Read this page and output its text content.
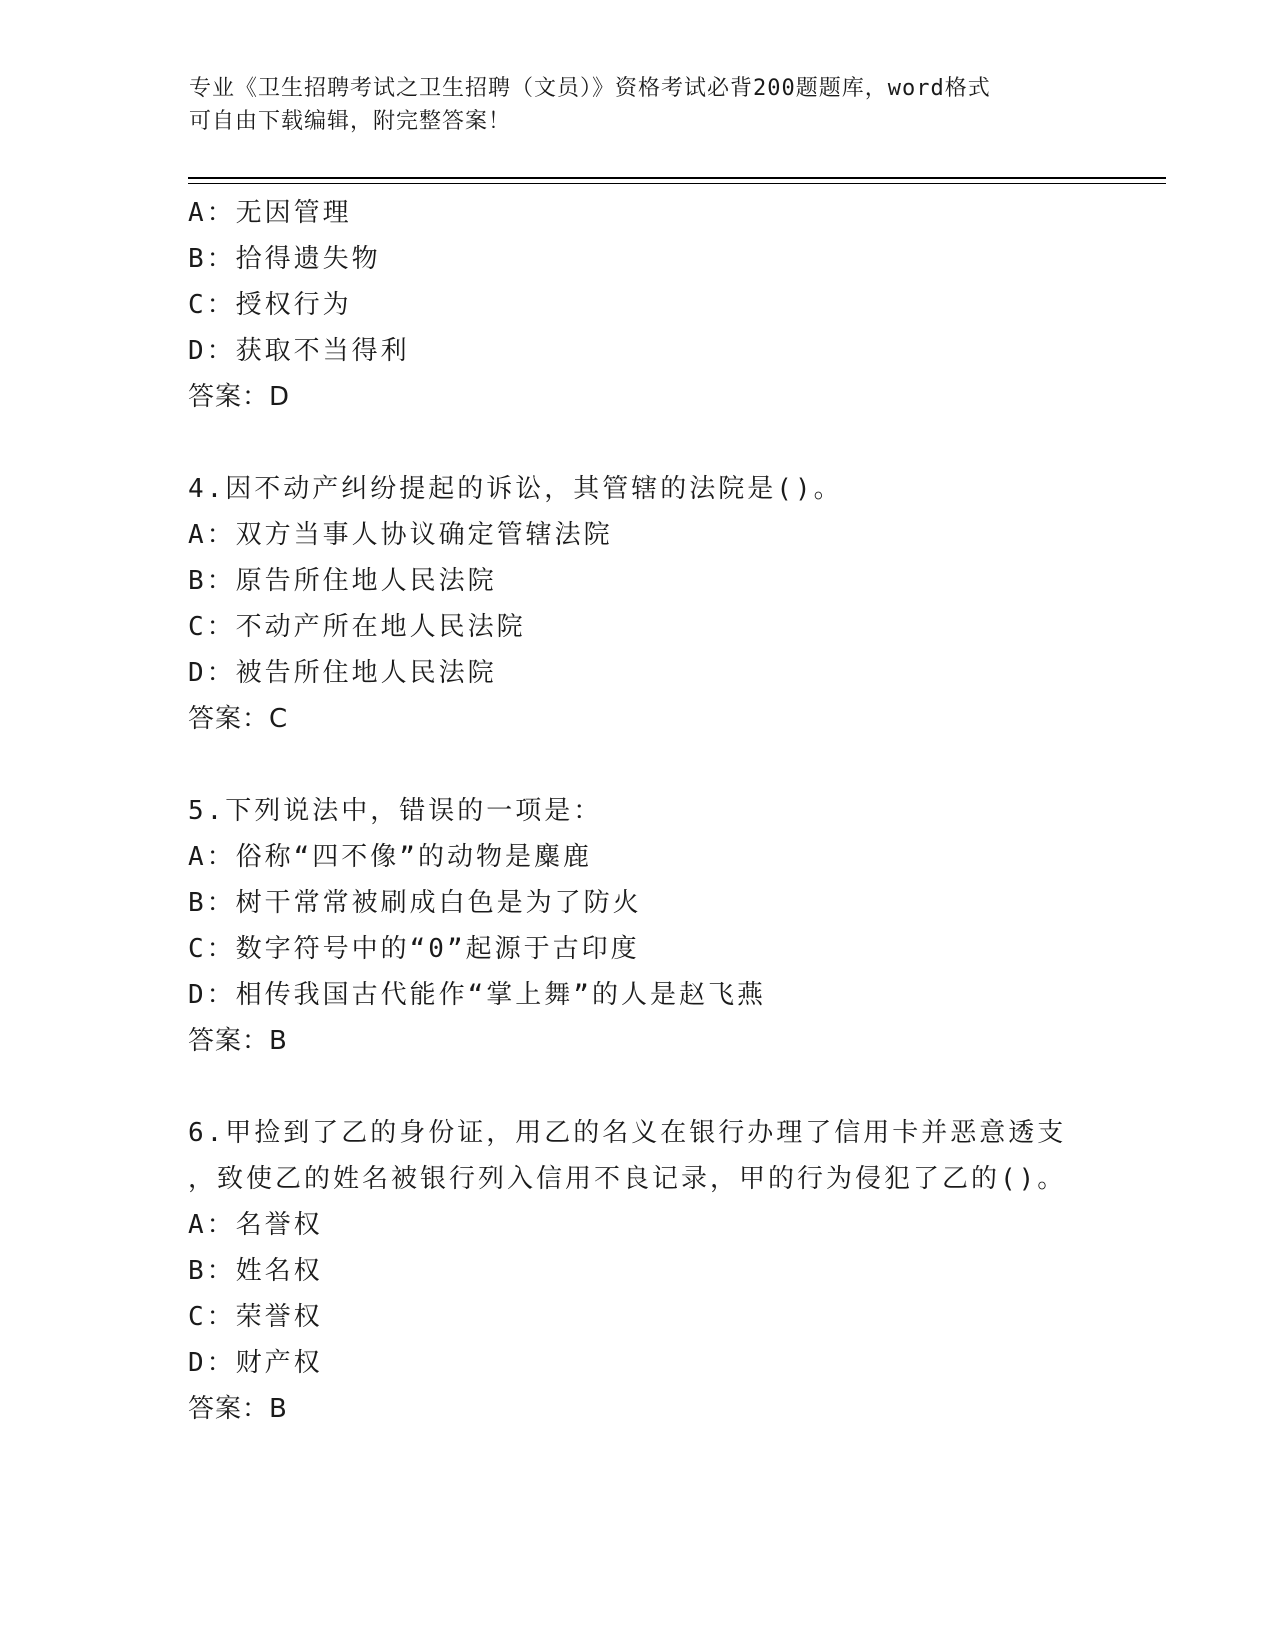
专业《卫生招聘考试之卫生招聘（文员）》资格考试必背200题题库，word格式
可自由下载编辑，附完整答案！
A：无因管理
B：拾得遗失物
C：授权行为
D：获取不当得利
答案：D
4.因不动产纠纷提起的诉讼，其管辖的法院是()。
A：双方当事人协议确定管辖法院
B：原告所住地人民法院
C：不动产所在地人民法院
D：被告所住地人民法院
答案：C
5.下列说法中，错误的一项是：
A：俗称“四不像”的动物是麋鹿
B：树干常常被刷成白色是为了防火
C：数字符号中的“0”起源于古印度
D：相传我国古代能作“掌上舞”的人是赵飞燕
答案：B
6.甲捡到了乙的身份证，用乙的名义在银行办理了信用卡并恶意透支
，致使乙的姓名被银行列入信用不良记录，甲的行为侵犯了乙的()。
A：名誉权
B：姓名权
C：荣誉权
D：财产权
答案：B
